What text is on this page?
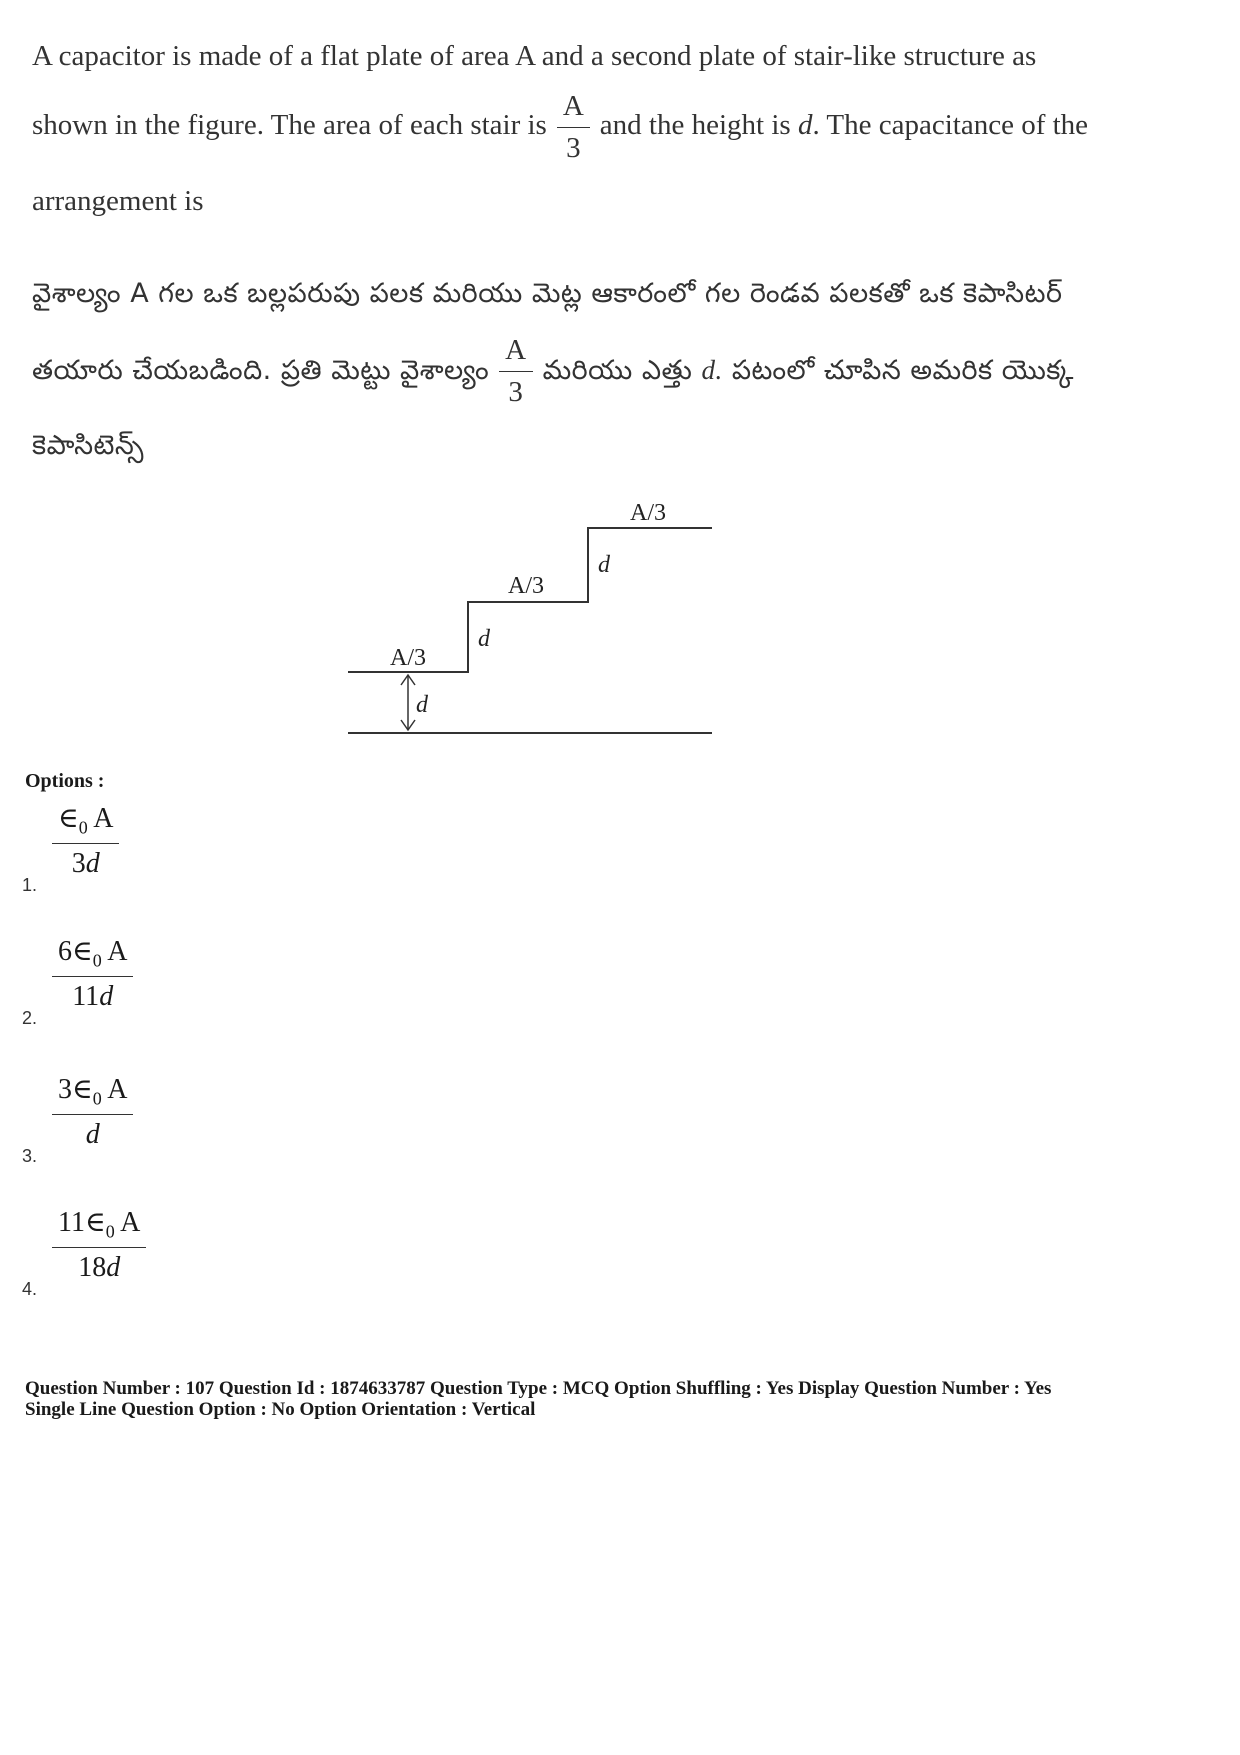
A capacitor is made of a flat plate of area A and a second plate of stair-like structure as
shown in the figure. The area of each stair is $\frac{A}{3}$ and the height is d. The capacitance of the
arrangement is
వైశాల్యం A గల ఒక బల్లపరుపు పలక మరియు మెట్ల ఆకారంలో గల రెండవ పలకతో ఒక కెపాసిటర్
తయారు చేయబడింది. ప్రతి మెట్టు వైశాల్యం $\frac{A}{3}$ మరియు ఎత్తు d. పటంలో చూపిన అమరిక యొక్క
కెపాసిటెన్స్
A/3
A/3
A/3
d
d
d
Options :
1.
$\frac{\in_0 A}{3d}$
2.
$\frac{6\in_0 A}{11d}$
3.
$\frac{3\in_0 A}{d}$
4.
$\frac{11\in_0 A}{18d}$
Question Number : 107 Question Id : 1874633787 Question Type : MCQ Option Shuffling : Yes Display Question Number : Yes
Single Line Question Option : No Option Orientation : Vertical
